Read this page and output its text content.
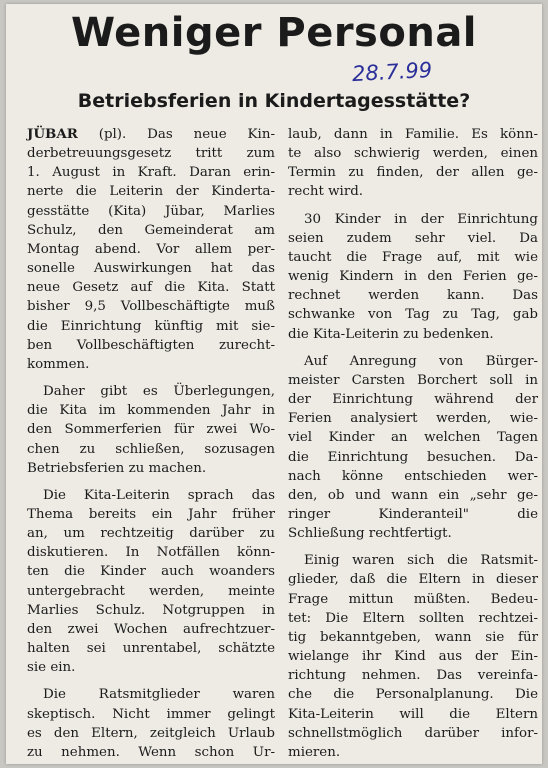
Weniger Personal
28.7.99
Betriebsferien in Kindertagesstätte?
JÜBAR (pl). Das neue Kin-
derbetreuungsgesetz tritt zum
1. August in Kraft. Daran erin-
nerte die Leiterin der Kinderta-
gesstätte (Kita) Jübar, Marlies
Schulz, den Gemeinderat am
Montag abend. Vor allem per-
sonelle Auswirkungen hat das
neue Gesetz auf die Kita. Statt
bisher 9,5 Vollbeschäftigte muß
die Einrichtung künftig mit sie-
ben Vollbeschäftigten zurecht-
kommen.
Daher gibt es Überlegungen,
die Kita im kommenden Jahr in
den Sommerferien für zwei Wo-
chen zu schließen, sozusagen
Betriebsferien zu machen.
Die Kita-Leiterin sprach das
Thema bereits ein Jahr früher
an, um rechtzeitig darüber zu
diskutieren. In Notfällen könn-
ten die Kinder auch woanders
untergebracht werden, meinte
Marlies Schulz. Notgruppen in
den zwei Wochen aufrechtzuer-
halten sei unrentabel, schätzte
sie ein.
Die Ratsmitglieder waren
skeptisch. Nicht immer gelingt
es den Eltern, zeitgleich Urlaub
zu nehmen. Wenn schon Ur-
laub, dann in Familie. Es könn-
te also schwierig werden, einen
Termin zu finden, der allen ge-
recht wird.
30 Kinder in der Einrichtung
seien zudem sehr viel. Da
taucht die Frage auf, mit wie
wenig Kindern in den Ferien ge-
rechnet werden kann. Das
schwanke von Tag zu Tag, gab
die Kita-Leiterin zu bedenken.
Auf Anregung von Bürger-
meister Carsten Borchert soll in
der Einrichtung während der
Ferien analysiert werden, wie-
viel Kinder an welchen Tagen
die Einrichtung besuchen. Da-
nach könne entschieden wer-
den, ob und wann ein „sehr ge-
ringer Kinderanteil" die
Schließung rechtfertigt.
Einig waren sich die Ratsmit-
glieder, daß die Eltern in dieser
Frage mittun müßten. Bedeu-
tet: Die Eltern sollten rechtzei-
tig bekanntgeben, wann sie für
wielange ihr Kind aus der Ein-
richtung nehmen. Das vereinfa-
che die Personalplanung. Die
Kita-Leiterin will die Eltern
schnellstmöglich darüber infor-
mieren.
